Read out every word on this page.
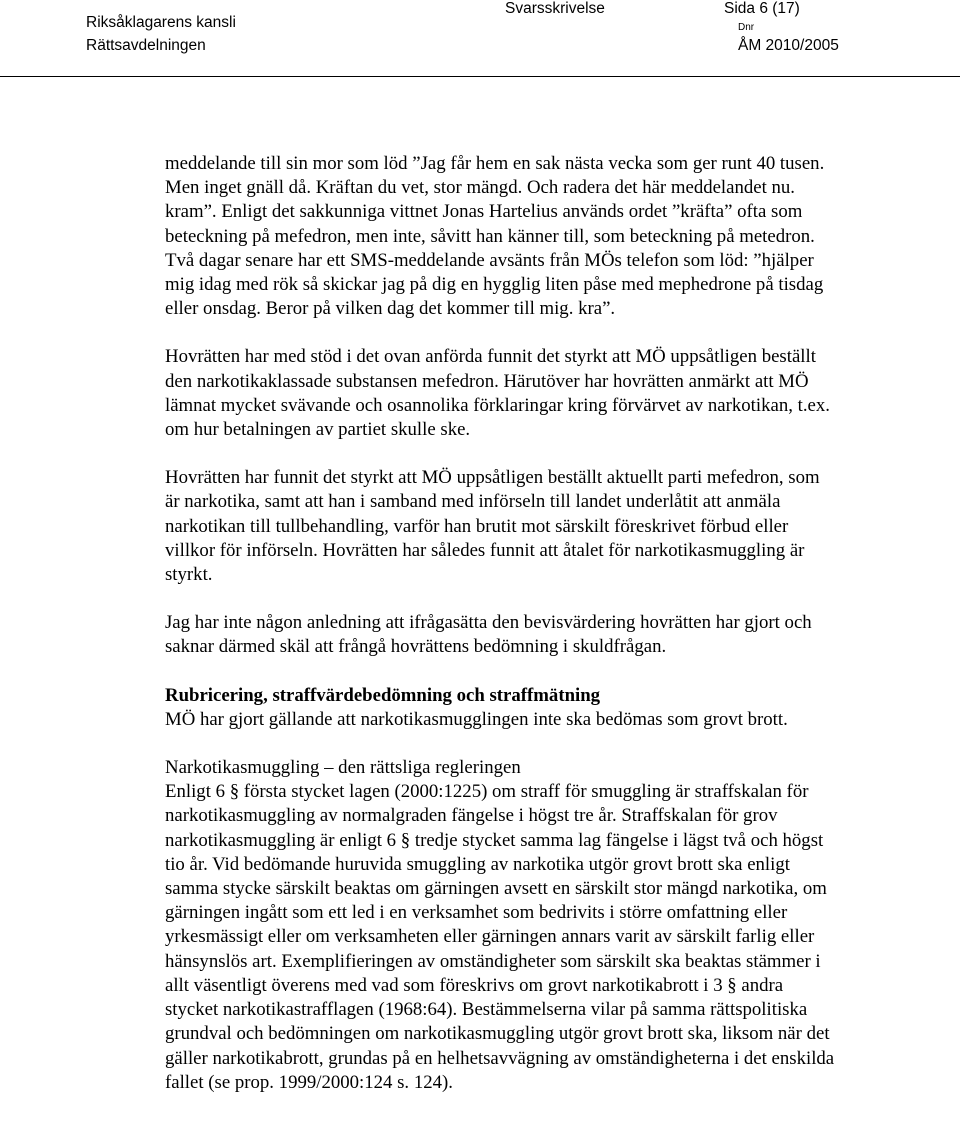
Riksåklagarens kansli
Rättsavdelningen
Svarsskrivelse	Sida 6 (17)
Dnr
ÅM 2010/2005

meddelande till sin mor som löd ”Jag får hem en sak nästa vecka som ger runt 40 tusen. Men inget gnäll då. Kräftan du vet, stor mängd. Och radera det här meddelandet nu. kram”. Enligt det sakkunniga vittnet Jonas Hartelius används ordet ”kräfta” ofta som beteckning på mefedron, men inte, såvitt han känner till, som beteckning på metedron. Två dagar senare har ett SMS-meddelande avsänts från MÖs telefon som löd: ”hjälper mig idag med rök så skickar jag på dig en hygglig liten påse med mephedrone på tisdag eller onsdag. Beror på vilken dag det kommer till mig. kra”.

Hovrätten har med stöd i det ovan anförda funnit det styrkt att MÖ uppsåtligen beställt den narkotikaklassade substansen mefedron. Härutöver har hovrätten anmärkt att MÖ lämnat mycket svävande och osannolika förklaringar kring förvärvet av narkotikan, t.ex. om hur betalningen av partiet skulle ske.

Hovrätten har funnit det styrkt att MÖ uppsåtligen beställt aktuellt parti mefedron, som är narkotika, samt att han i samband med införseln till landet underlåtit att anmäla narkotikan till tullbehandling, varför han brutit mot särskilt föreskrivet förbud eller villkor för införseln. Hovrätten har således funnit att åtalet för narkotikasmuggling är styrkt.

Jag har inte någon anledning att ifrågasätta den bevisvärdering hovrätten har gjort och saknar därmed skäl att frångå hovrättens bedömning i skuldfrågan.

Rubricering, straffvärdebedömning och straffmätning

MÖ har gjort gällande att narkotikasmugglingen inte ska bedömas som grovt brott.

Narkotikasmuggling – den rättsliga regleringen

Enligt 6 § första stycket lagen (2000:1225) om straff för smuggling är straffskalan för narkotikasmuggling av normalgraden fängelse i högst tre år. Straffskalan för grov narkotikasmuggling är enligt 6 § tredje stycket samma lag fängelse i lägst två och högst tio år. Vid bedömande huruvida smuggling av narkotika utgör grovt brott ska enligt samma stycke särskilt beaktas om gärningen avsett en särskilt stor mängd narkotika, om gärningen ingått som ett led i en verksamhet som bedrivits i större omfattning eller yrkesmässigt eller om verksamheten eller gärningen annars varit av särskilt farlig eller hänsynslös art. Exemplifieringen av omständigheter som särskilt ska beaktas stämmer i allt väsentligt överens med vad som föreskrivs om grovt narkotikabrott i 3 § andra stycket narkotikastrafflagen (1968:64). Bestämmelserna vilar på samma rättspolitiska grundval och bedömningen om narkotikasmuggling utgör grovt brott ska, liksom när det gäller narkotikabrott, grundas på en helhetsavvägning av omständigheterna i det enskilda fallet (se prop. 1999/2000:124 s. 124).
